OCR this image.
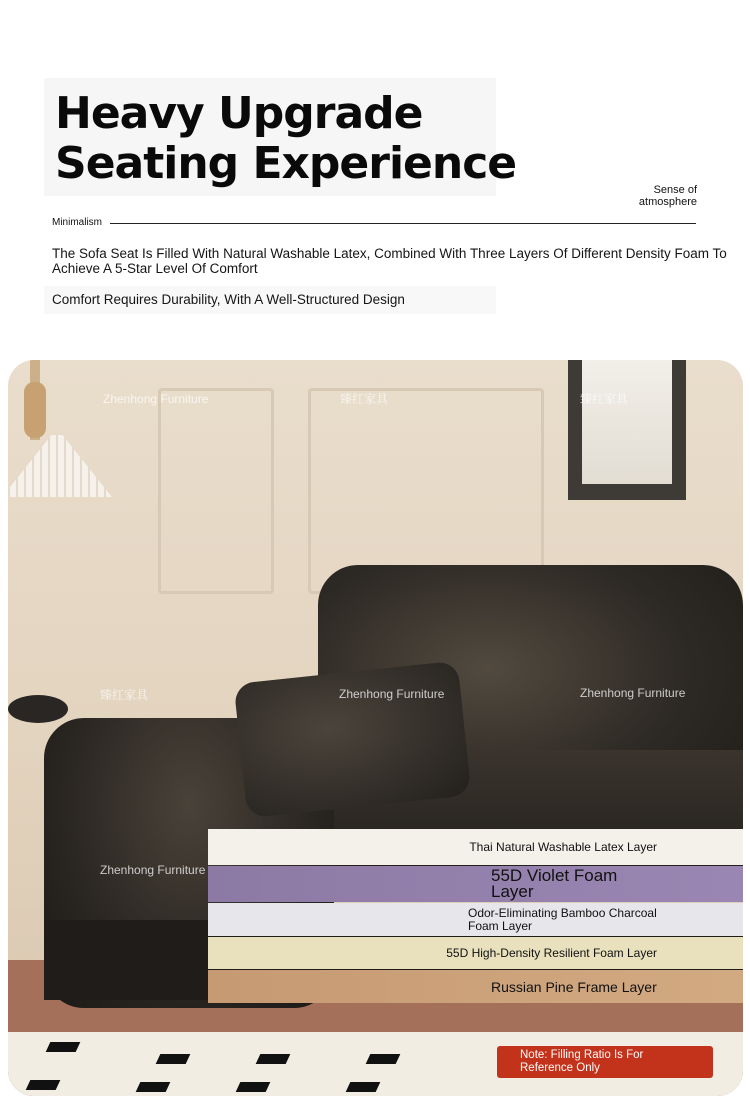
Heavy Upgrade
Seating Experience
Sense of
atmosphere
Minimalism
The Sofa Seat Is Filled With Natural Washable Latex, Combined With Three Layers Of Different Density Foam To
Achieve A 5-Star Level Of Comfort
Comfort Requires Durability, With A Well-Structured Design
Zhenhong Furniture	臻红家具	臻红家具
臻红家具	Zhenhong Furniture	Zhenhong Furniture
Zhenhong Furniture
Thai Natural Washable Latex Layer
55D Violet Foam
Layer
Odor-Eliminating Bamboo Charcoal
Foam Layer
55D High-Density Resilient Foam Layer
Russian Pine Frame Layer
Note: Filling Ratio Is For
Reference Only
